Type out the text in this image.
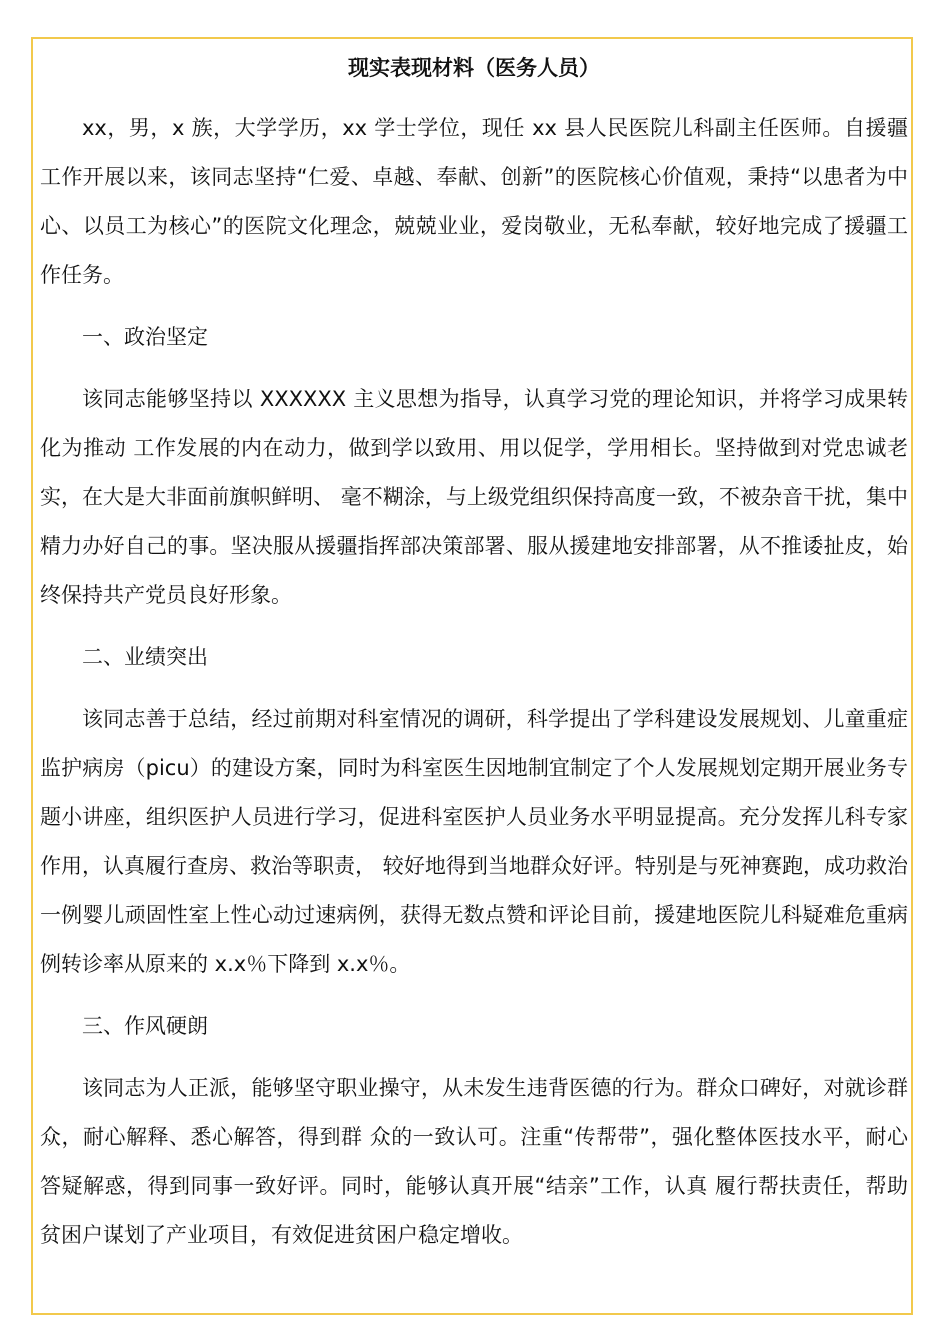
现实表现材料（医务人员）

xx，男，x 族，大学学历，xx 学士学位，现任 xx 县人民医院儿科副主任医师。自援疆工作开展以来，该同志坚持“仁爱、卓越、奉献、创新”的医院核心价值观，秉持“以患者为中心、以员工为核心”的医院文化理念，兢兢业业，爱岗敬业，无私奉献，较好地完成了援疆工作任务。

一、政治坚定

该同志能够坚持以 XXXXXX 主义思想为指导，认真学习党的理论知识，并将学习成果转化为推动 工作发展的内在动力，做到学以致用、用以促学，学用相长。坚持做到对党忠诚老实，在大是大非面前旗帜鲜明、 毫不糊涂，与上级党组织保持高度一致，不被杂音干扰，集中精力办好自己的事。坚决服从援疆指挥部决策部署、服从援建地安排部署，从不推诿扯皮，始终保持共产党员良好形象。

二、业绩突出

该同志善于总结，经过前期对科室情况的调研，科学提出了学科建设发展规划、儿童重症监护病房（picu）的建设方案，同时为科室医生因地制宜制定了个人发展规划定期开展业务专题小讲座，组织医护人员进行学习，促进科室医护人员业务水平明显提高。充分发挥儿科专家作用，认真履行查房、救治等职责， 较好地得到当地群众好评。特别是与死神赛跑，成功救治一例婴儿顽固性室上性心动过速病例，获得无数点赞和评论目前，援建地医院儿科疑难危重病例转诊率从原来的 x.x％下降到 x.x％。

三、作风硬朗

该同志为人正派，能够坚守职业操守，从未发生违背医德的行为。群众口碑好，对就诊群众，耐心解释、悉心解答，得到群 众的一致认可。注重“传帮带”，强化整体医技水平，耐心答疑解惑，得到同事一致好评。同时，能够认真开展“结亲”工作，认真 履行帮扶责任，帮助贫困户谋划了产业项目，有效促进贫困户稳定增收。
